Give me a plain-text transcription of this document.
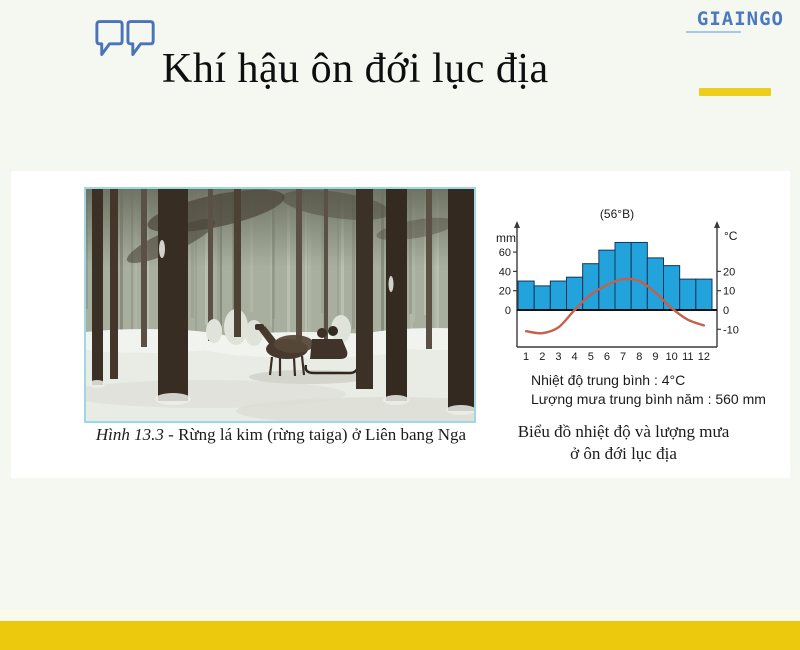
Khí hậu ôn đới lục địa
GIAINGO
Hình 13.3 - Rừng lá kim (rừng taiga) ở Liên bang Nga
0
20
40
60
-10
0
10
20
1 2 3 4 5 6 7 8 9 10 11 12
mm	°C
(56°B)
Nhiệt độ trung bình : 4°C
Lượng mưa trung bình năm : 560 mm
Biểu đồ nhiệt độ và lượng mưa
ở ôn đới lục địa
